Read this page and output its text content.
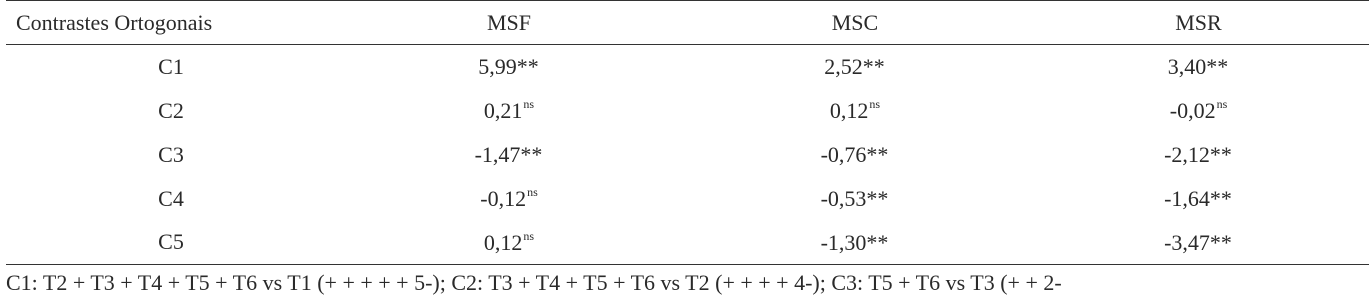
Contrastes Ortogonais	MSF	MSC	MSR
C1	5,99**	2,52**	3,40**
C2	$0,21^{ns}$	$0,12^{ns}$	$-0,02^{ns}$
C3	-1,47**	-0,76**	-2,12**
C4	$-0,12^{ns}$	-0,53**	-1,64**
C5	$0,12^{ns}$	-1,30**	-3,47**
C1: T2 + T3 + T4 + T5 + T6 vs T1 (+ + + + + 5-); C2: T3 + T4 + T5 + T6 vs T2 (+ + + + 4-); C3: T5 + T6 vs T3 (+ + 2-
